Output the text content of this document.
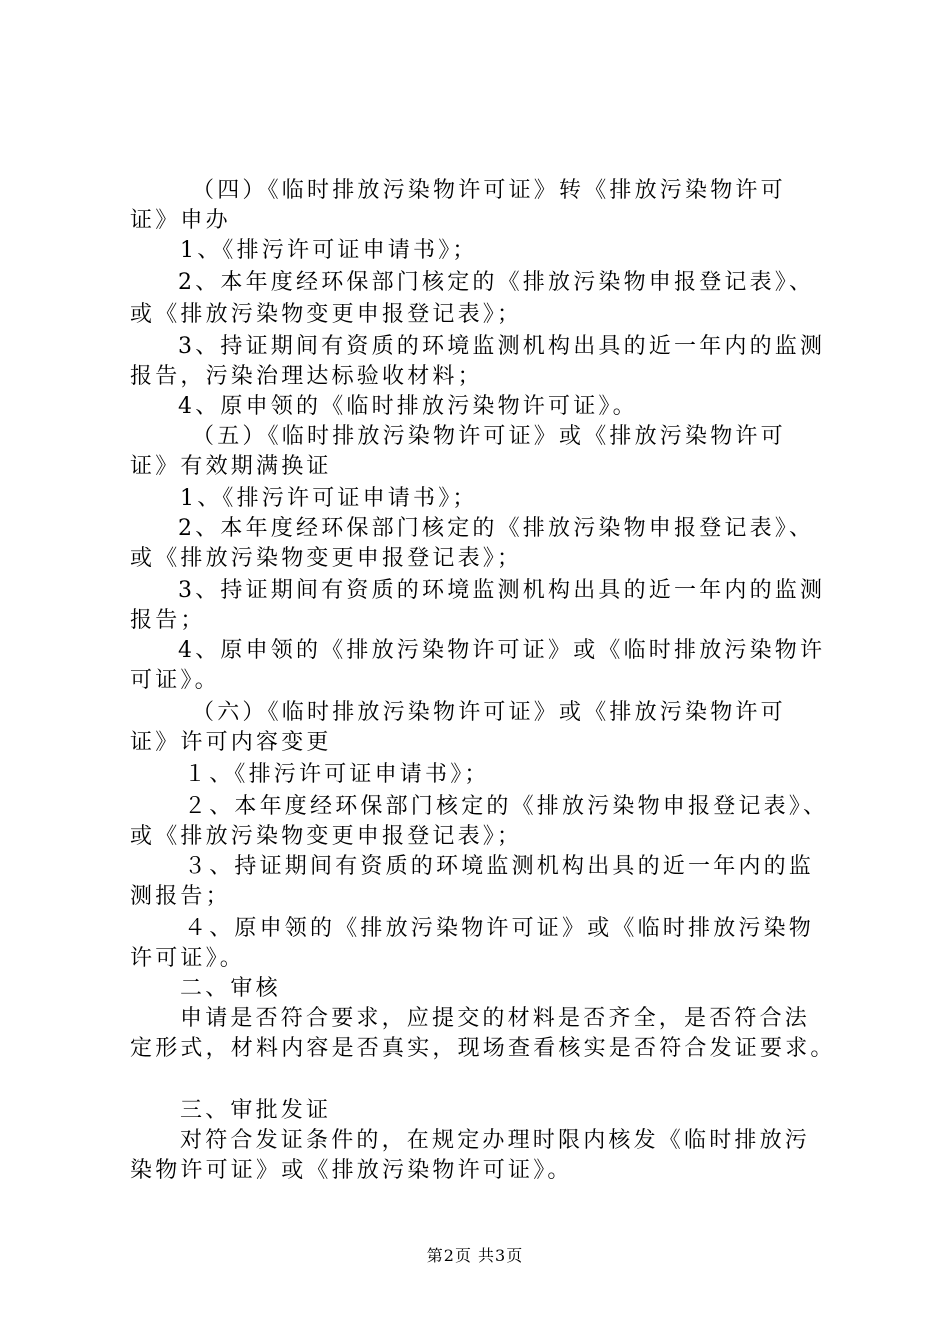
（四）《临时排放污染物许可证》转《排放污染物许可
证》申办
1、《排污许可证申请书》；
2、本年度经环保部门核定的《排放污染物申报登记表》、
或《排放污染物变更申报登记表》；
3、持证期间有资质的环境监测机构出具的近一年内的监测
报告，污染治理达标验收材料；
4、原申领的《临时排放污染物许可证》。
（五）《临时排放污染物许可证》或《排放污染物许可
证》有效期满换证
1、《排污许可证申请书》；
2、本年度经环保部门核定的《排放污染物申报登记表》、
或《排放污染物变更申报登记表》；
3、持证期间有资质的环境监测机构出具的近一年内的监测
报告；
4、原申领的《排放污染物许可证》或《临时排放污染物许
可证》。
（六）《临时排放污染物许可证》或《排放污染物许可
证》许可内容变更
１、《排污许可证申请书》；
２、本年度经环保部门核定的《排放污染物申报登记表》、
或《排放污染物变更申报登记表》；
３、持证期间有资质的环境监测机构出具的近一年内的监
测报告；
４、原申领的《排放污染物许可证》或《临时排放污染物
许可证》。
二、审核
申请是否符合要求，应提交的材料是否齐全，是否符合法
定形式，材料内容是否真实，现场查看核实是否符合发证要求。
三、审批发证
对符合发证条件的，在规定办理时限内核发《临时排放污
染物许可证》或《排放污染物许可证》。
第2页 共3页
